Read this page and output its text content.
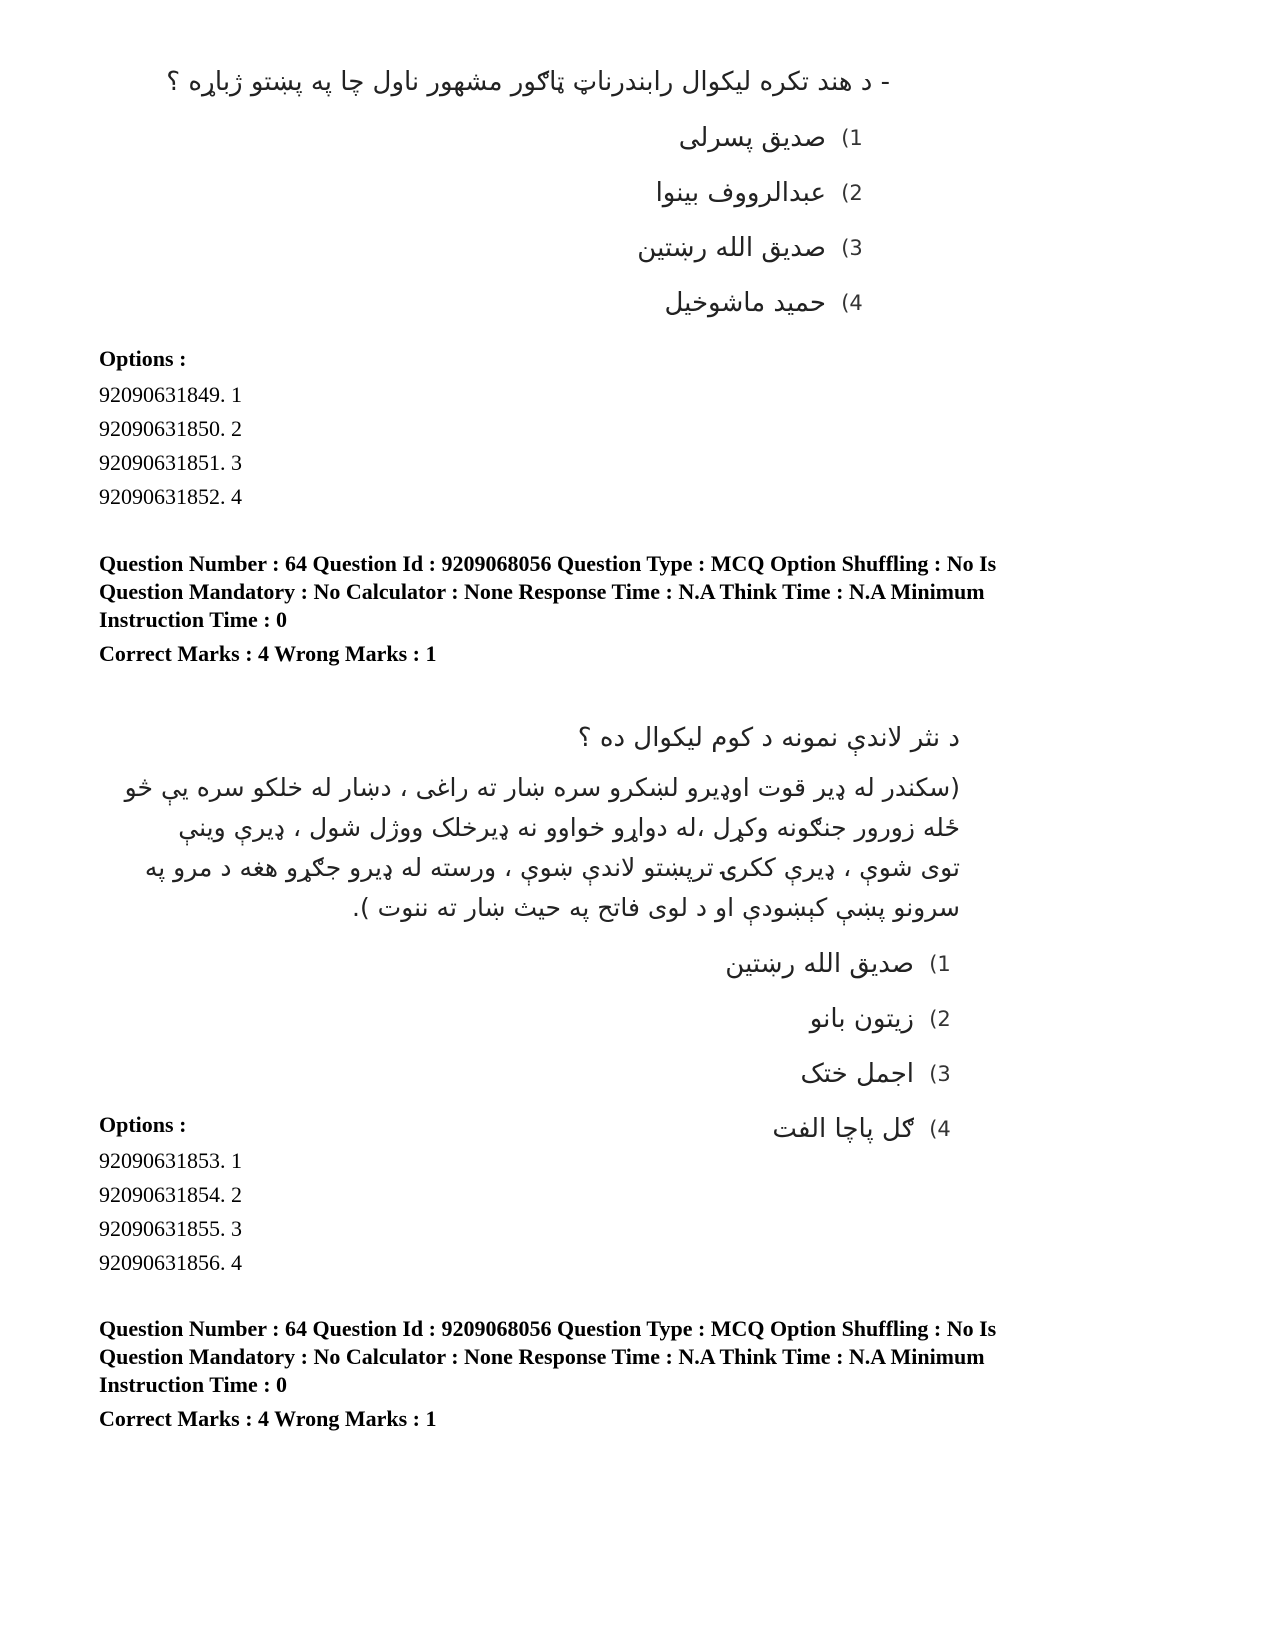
- د هند تکره لیکوال رابندرناټ ټاګور مشهور ناول چا په پښتو ژباړه ؟

1)
صدیق پسرلی
2)
عبدالرووف بینوا
3)
صدیق الله رښتین
4)
حمید ماشوخیل

Options :

92090631849. 1

92090631850. 2

92090631851. 3

92090631852. 4

Question Number : 64 Question Id : 9209068056 Question Type : MCQ Option Shuffling : No Is

Question Mandatory : No Calculator : None Response Time : N.A Think Time : N.A Minimum

Instruction Time : 0

Correct Marks : 4 Wrong Marks : 1

د نثر لاندې نمونه د کوم لیکوال ده ؟

(سکندر له ډیر قوت اوډیرو لښکرو سره ښار ته راغی ، دښار له خلکو سره یې څو
ځله زورور جنګونه وکړل ،له دواړو خواوو نه ډیرخلک ووژل شول ، ډیرې وینې
توی شوې ، ډیرې ککرۍ ترپښتو لاندې ښوې ، ورسته له ډیرو جګړو هغه د مرو په
سرونو پښې کېښودې او د لوی فاتح په حیث ښار ته ننوت ).
1)
صدیق الله رښتین
2)
زیتون بانو
3)
اجمل ختک
4)
ګل پاچا الفت

Options :

92090631853. 1

92090631854. 2

92090631855. 3

92090631856. 4

Question Number : 64 Question Id : 9209068056 Question Type : MCQ Option Shuffling : No Is

Question Mandatory : No Calculator : None Response Time : N.A Think Time : N.A Minimum

Instruction Time : 0

Correct Marks : 4 Wrong Marks : 1
